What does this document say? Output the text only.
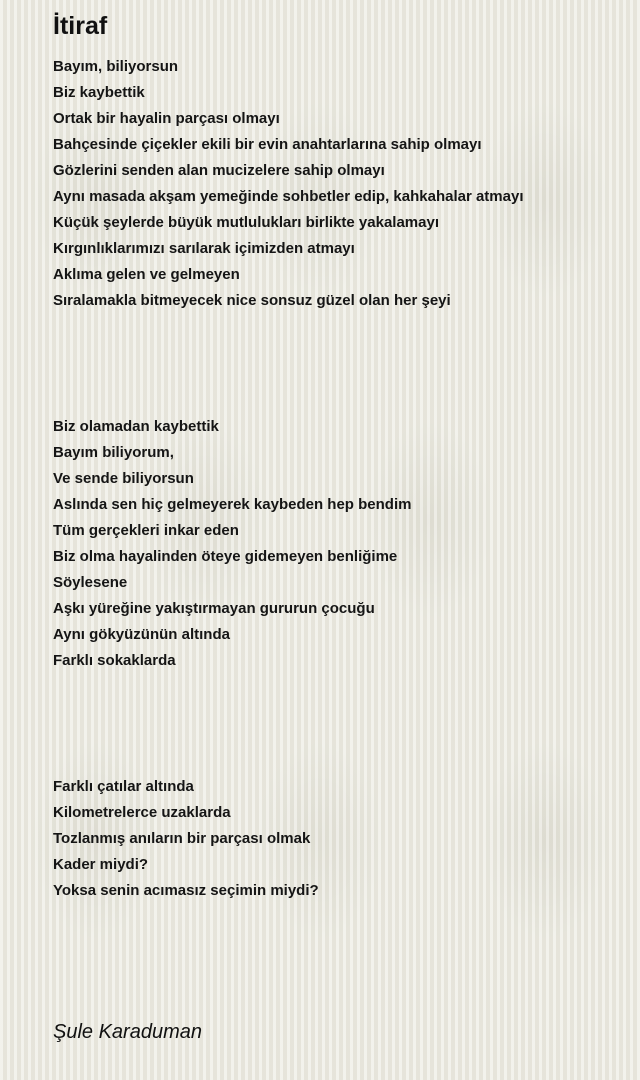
İtiraf
Bayım, biliyorsun
Biz kaybettik
Ortak bir hayalin parçası olmayı
Bahçesinde çiçekler ekili bir evin anahtarlarına sahip olmayı
Gözlerini senden alan mucizelere sahip olmayı
Aynı masada akşam yemeğinde sohbetler edip, kahkahalar atmayı
Küçük şeylerde büyük mutlulukları birlikte yakalamayı
Kırgınlıklarımızı sarılarak içimizden atmayı
Aklıma gelen ve gelmeyen
Sıralamakla bitmeyecek nice sonsuz güzel olan her şeyi
Biz olamadan kaybettik
Bayım biliyorum,
Ve sende biliyorsun
Aslında sen hiç gelmeyerek kaybeden hep bendim
Tüm gerçekleri inkar eden
Biz olma hayalinden öteye gidemeyen benliğime
Söylesene
Aşkı yüreğine yakıştırmayan gururun çocuğu
Aynı gökyüzünün altında
Farklı sokaklarda
Farklı çatılar altında
Kilometrelerce uzaklarda
Tozlanmış anıların bir parçası olmak
Kader miydi?
Yoksa senin acımasız seçimin miydi?
Şule Karaduman
